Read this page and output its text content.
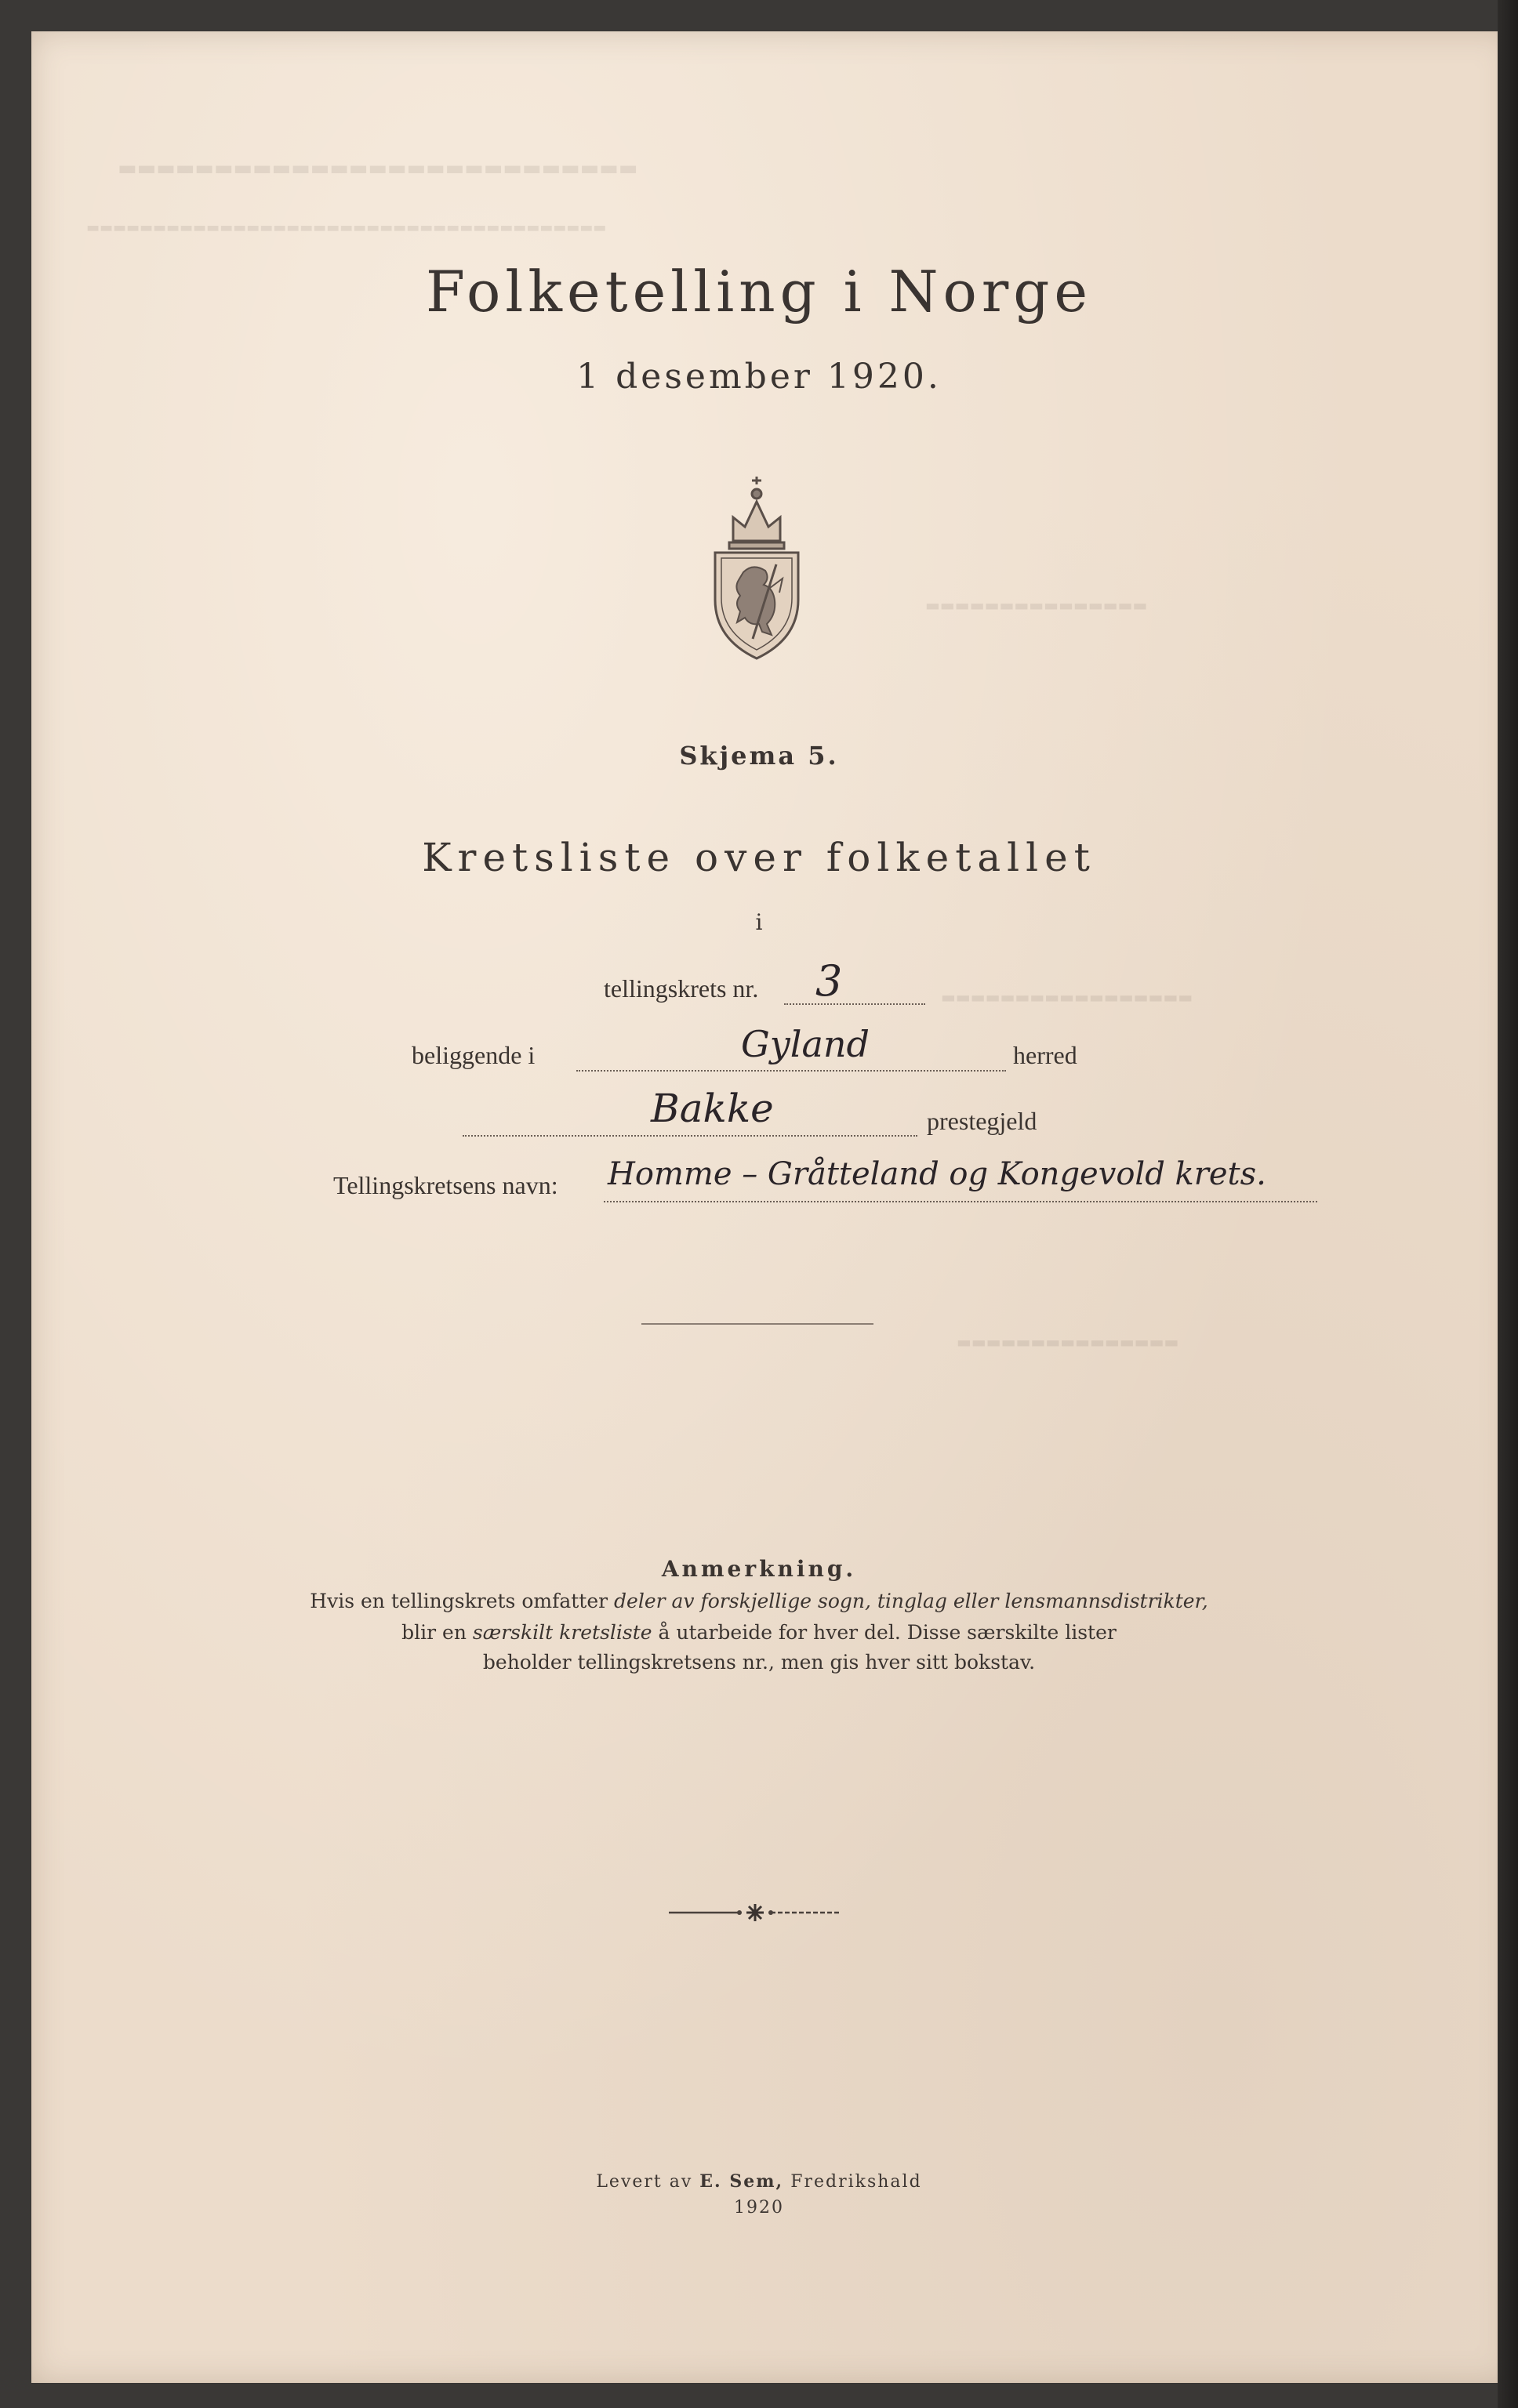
▬▬▬▬▬▬▬▬▬▬▬▬▬▬▬▬▬▬▬▬▬▬▬▬▬▬▬
▬▬▬▬▬▬▬▬▬▬▬▬▬▬▬▬▬▬▬▬▬▬▬▬▬▬▬▬▬▬▬▬▬▬▬▬▬▬▬
▬▬▬▬▬▬▬▬▬▬▬▬▬▬▬
▬▬▬▬▬▬▬▬▬▬▬▬▬▬▬▬▬
▬▬▬▬▬▬▬▬▬▬▬▬▬▬▬
Folketelling i Norge
1 desember 1920.
Skjema 5.
Kretsliste over folketallet
i
tellingskrets nr. 3
beliggende i	Gyland	herred
Bakke	prestegjeld
Tellingskretsens navn: Homme – Gråtteland og Kongevold krets.
Anmerkning.
Hvis en tellingskrets omfatter deler av forskjellige sogn, tinglag eller lensmannsdistrikter,
blir en særskilt kretsliste å utarbeide for hver del. Disse særskilte lister
beholder tellingskretsens nr., men gis hver sitt bokstav.
Levert av E. Sem, Fredrikshald
1920
